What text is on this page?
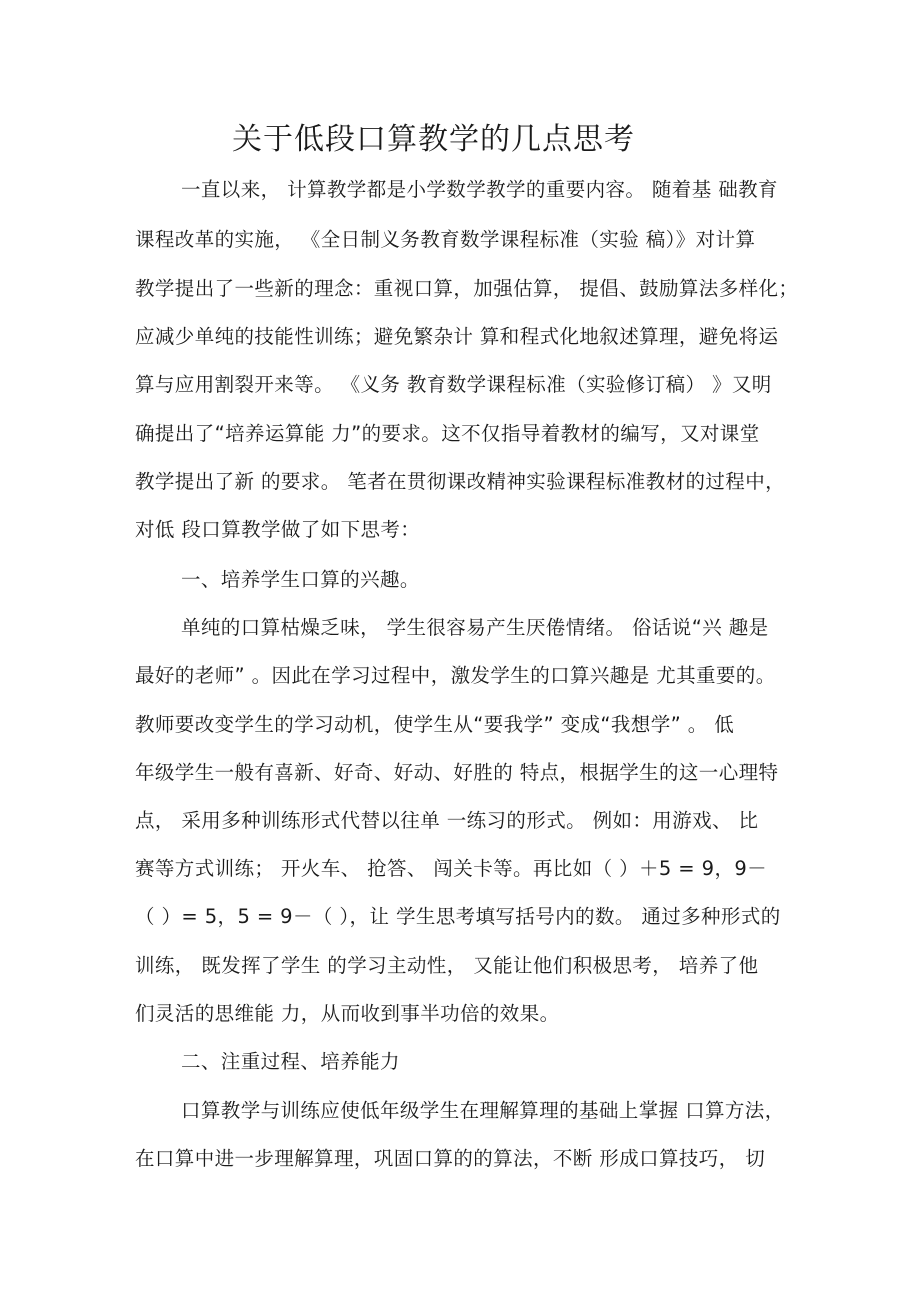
关于低段口算教学的几点思考
一直以来， 计算教学都是小学数学教学的重要内容。 随着基 础教育
课程改革的实施， 《全日制义务教育数学课程标准（实验 稿）》对计算
教学提出了一些新的理念：重视口算，加强估算， 提倡、鼓励算法多样化；
应减少单纯的技能性训练；避免繁杂计 算和程式化地叙述算理，避免将运
算与应用割裂开来等。 《义务 教育数学课程标准（实验修订稿） 》又明
确提出了“培养运算能 力”的要求。这不仅指导着教材的编写，又对课堂
教学提出了新 的要求。 笔者在贯彻课改精神实验课程标准教材的过程中，
对低 段口算教学做了如下思考：
一、培养学生口算的兴趣。
单纯的口算枯燥乏味， 学生很容易产生厌倦情绪。 俗话说“兴 趣是
最好的老师” 。因此在学习过程中，激发学生的口算兴趣是 尤其重要的。
教师要改变学生的学习动机，使学生从“要我学” 变成“我想学” 。 低
年级学生一般有喜新、好奇、好动、好胜的 特点，根据学生的这一心理特
点， 采用多种训练形式代替以往单 一练习的形式。 例如：用游戏、 比
赛等方式训练； 开火车、 抢答、 闯关卡等。再比如（ ）＋5 = 9，9－
（ ）= 5，5 = 9－（ ），让 学生思考填写括号内的数。 通过多种形式的
训练， 既发挥了学生 的学习主动性， 又能让他们积极思考， 培养了他
们灵活的思维能 力，从而收到事半功倍的效果。
二、注重过程、培养能力
口算教学与训练应使低年级学生在理解算理的基础上掌握 口算方法，
在口算中进一步理解算理，巩固口算的的算法，不断 形成口算技巧， 切
